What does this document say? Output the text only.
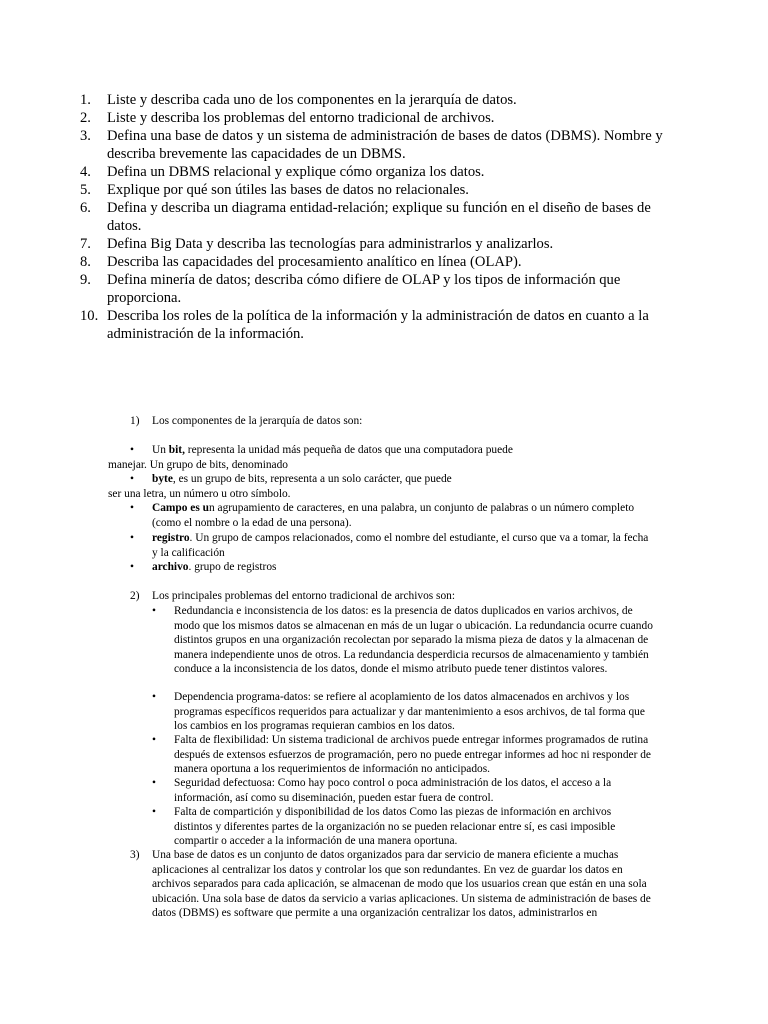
1.	Liste y describa cada uno de los componentes en la jerarquía de datos.
2.	Liste y describa los problemas del entorno tradicional de archivos.
3.	Defina una base de datos y un sistema de administración de bases de datos (DBMS). Nombre y describa brevemente las capacidades de un DBMS.
4.	Defina un DBMS relacional y explique cómo organiza los datos.
5.	Explique por qué son útiles las bases de datos no relacionales.
6.	Defina y describa un diagrama entidad-relación; explique su función en el diseño de bases de datos.
7.	Defina Big Data y describa las tecnologías para administrarlos y analizarlos.
8.	Describa las capacidades del procesamiento analítico en línea (OLAP).
9.	Defina minería de datos; describa cómo difiere de OLAP y los tipos de información que proporciona.
10. Describa los roles de la política de la información y la administración de datos en cuanto a la administración de la información.
1) Los componentes de la jerarquía de datos son:
•	Un bit, representa la unidad más pequeña de datos que una computadora puede
manejar. Un grupo de bits, denominado
•	byte, es un grupo de bits, representa a un solo carácter, que puede
ser una letra, un número u otro símbolo.
•	Campo es un agrupamiento de caracteres, en una palabra, un conjunto de palabras o un número completo (como el nombre o la edad de una persona).
•	registro. Un grupo de campos relacionados, como el nombre del estudiante, el curso que va a tomar, la fecha y la calificación
•	archivo. grupo de registros
2) Los principales problemas del entorno tradicional de archivos son:
•	Redundancia e inconsistencia de los datos: es la presencia de datos duplicados en varios archivos, de modo que los mismos datos se almacenan en más de un lugar o ubicación. La redundancia ocurre cuando distintos grupos en una organización recolectan por separado la misma pieza de datos y la almacenan de manera independiente unos de otros. La redundancia desperdicia recursos de almacenamiento y también conduce a la inconsistencia de los datos, donde el mismo atributo puede tener distintos valores.
•	Dependencia programa-datos: se refiere al acoplamiento de los datos almacenados en archivos y los programas específicos requeridos para actualizar y dar mantenimiento a esos archivos, de tal forma que los cambios en los programas requieran cambios en los datos.
•	Falta de flexibilidad: Un sistema tradicional de archivos puede entregar informes programados de rutina después de extensos esfuerzos de programación, pero no puede entregar informes ad hoc ni responder de manera oportuna a los requerimientos de información no anticipados.
•	Seguridad defectuosa: Como hay poco control o poca administración de los datos, el acceso a la información, así como su diseminación, pueden estar fuera de control.
•	Falta de compartición y disponibilidad de los datos Como las piezas de información en archivos distintos y diferentes partes de la organización no se pueden relacionar entre sí, es casi imposible compartir o acceder a la información de una manera oportuna.
3) Una base de datos es un conjunto de datos organizados para dar servicio de manera eficiente a muchas aplicaciones al centralizar los datos y controlar los que son redundantes. En vez de guardar los datos en archivos separados para cada aplicación, se almacenan de modo que los usuarios crean que están en una sola ubicación. Una sola base de datos da servicio a varias aplicaciones. Un sistema de administración de bases de datos (DBMS) es software que permite a una organización centralizar los datos, administrarlos en
